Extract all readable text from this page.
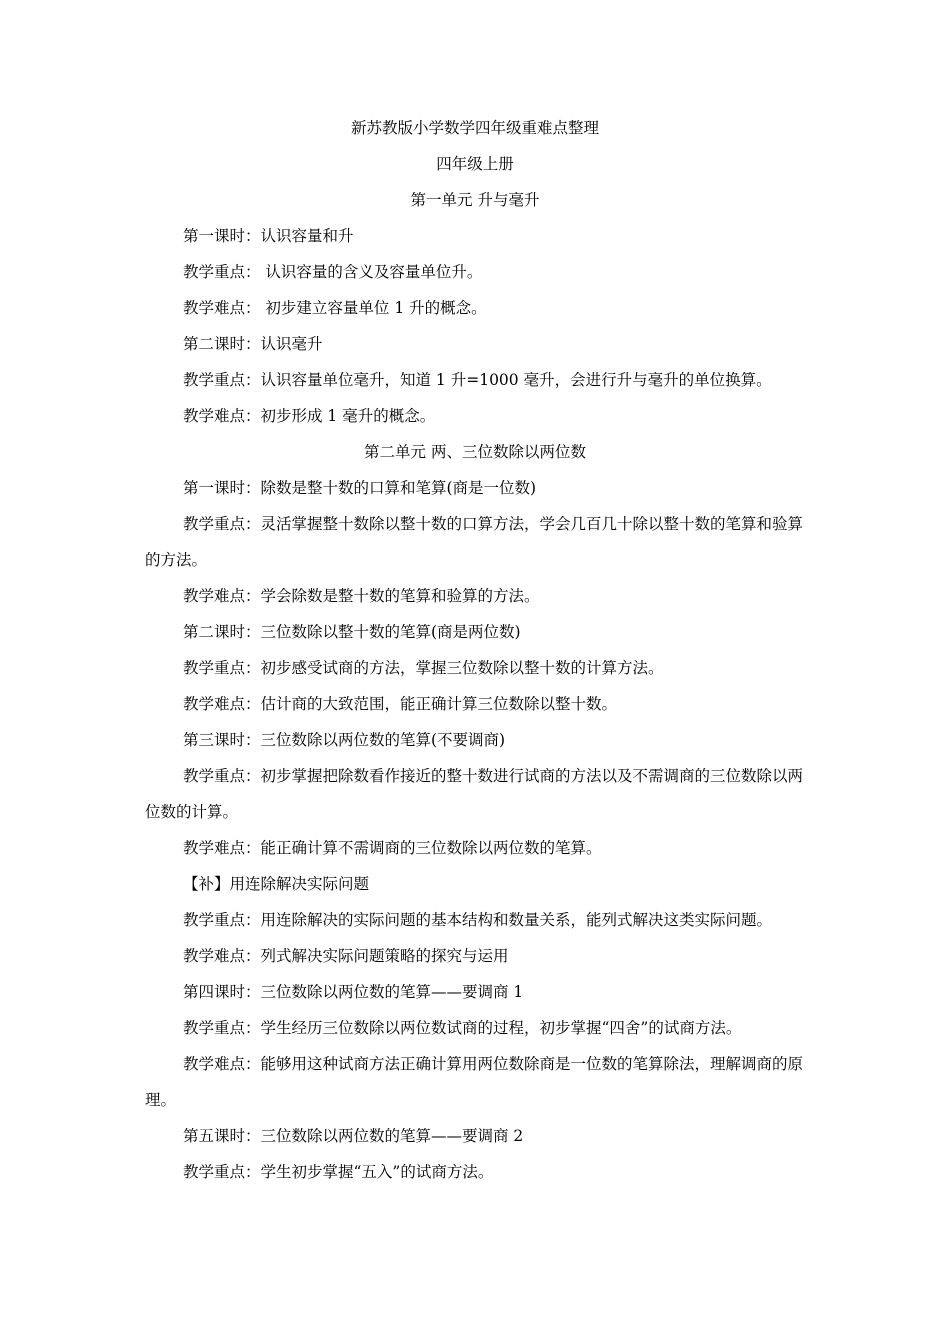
新苏教版小学数学四年级重难点整理
四年级上册
第一单元 升与毫升
第一课时：认识容量和升
教学重点： 认识容量的含义及容量单位升。
教学难点： 初步建立容量单位 1 升的概念。
第二课时：认识毫升
教学重点：认识容量单位毫升，知道 1 升=1000 毫升，会进行升与毫升的单位换算。
教学难点：初步形成 1 毫升的概念。
第二单元 两、三位数除以两位数
第一课时：除数是整十数的口算和笔算(商是一位数)

教学重点：灵活掌握整十数除以整十数的口算方法，学会几百几十除以整十数的笔算和验算的方法。

教学难点：学会除数是整十数的笔算和验算的方法。
第二课时：三位数除以整十数的笔算(商是两位数)
教学重点：初步感受试商的方法，掌握三位数除以整十数的计算方法。
教学难点：估计商的大致范围，能正确计算三位数除以整十数。
第三课时：三位数除以两位数的笔算(不要调商)

教学重点：初步掌握把除数看作接近的整十数进行试商的方法以及不需调商的三位数除以两位数的计算。

教学难点：能正确计算不需调商的三位数除以两位数的笔算。
【补】用连除解决实际问题
教学重点：用连除解决的实际问题的基本结构和数量关系，能列式解决这类实际问题。
教学难点：列式解决实际问题策略的探究与运用
第四课时：三位数除以两位数的笔算——要调商 1
教学重点：学生经历三位数除以两位数试商的过程，初步掌握“四舍”的试商方法。

教学难点：能够用这种试商方法正确计算用两位数除商是一位数的笔算除法，理解调商的原理。

第五课时：三位数除以两位数的笔算——要调商 2
教学重点：学生初步掌握“五入”的试商方法。
